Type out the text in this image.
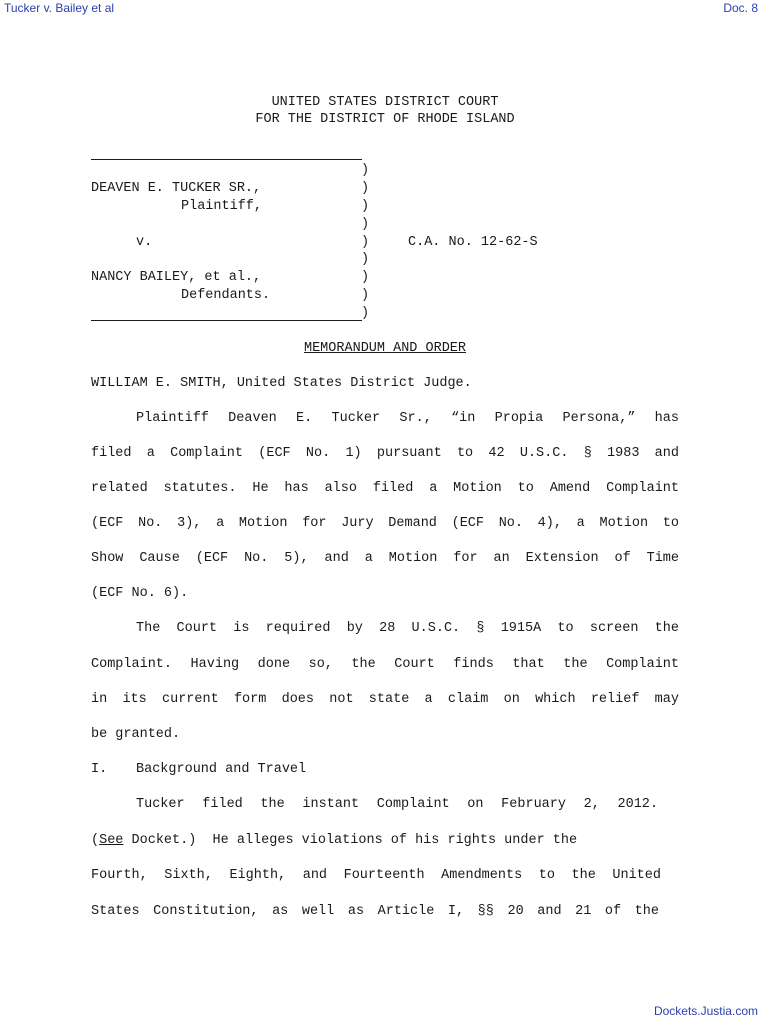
Tucker v. Bailey et al	Doc. 8
UNITED STATES DISTRICT COURT
FOR THE DISTRICT OF RHODE ISLAND
DEAVEN E. TUCKER SR.,
Plaintiff,
v.
NANCY BAILEY, et al.,
Defendants.
C.A. No. 12-62-S
)
)
)
)
)
)
)
)
)
MEMORANDUM AND ORDER
WILLIAM E. SMITH, United States District Judge.
Plaintiff Deaven E. Tucker Sr., “in Propia Persona,” has
filed a Complaint (ECF No. 1) pursuant to 42 U.S.C. § 1983 and
related statutes. He has also filed a Motion to Amend Complaint
(ECF No. 3), a Motion for Jury Demand (ECF No. 4), a Motion to
Show Cause (ECF No. 5), and a Motion for an Extension of Time
(ECF No. 6).
The Court is required by 28 U.S.C. § 1915A to screen the
Complaint. Having done so, the Court finds that the Complaint
in its current form does not state a claim on which relief may
be granted.
I. Background and Travel
Tucker filed the instant Complaint on February 2, 2012.
(See Docket.)  He alleges violations of his rights under the
Fourth, Sixth, Eighth, and Fourteenth Amendments to the United
States Constitution, as well as Article I, §§ 20 and 21 of the
Dockets.Justia.com
